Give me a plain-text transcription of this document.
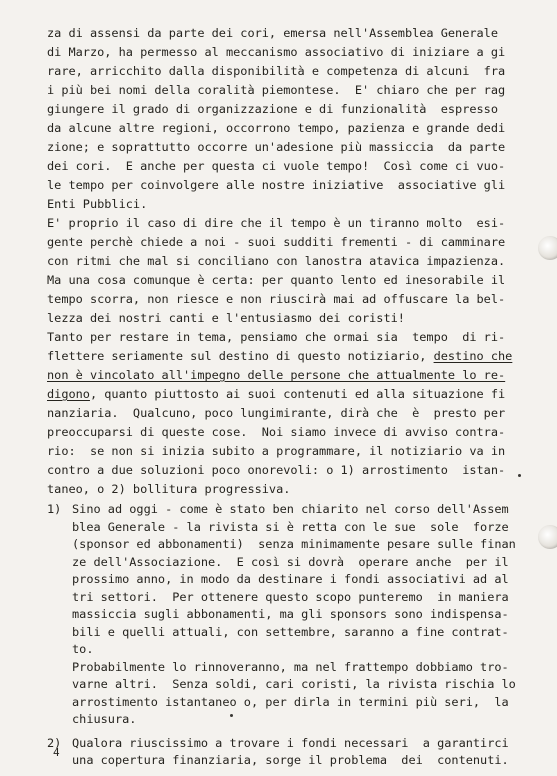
za di assensi da parte dei cori, emersa nell'Assemblea Generale
di Marzo, ha permesso al meccanismo associativo di iniziare a gi
rare, arricchito dalla disponibilità e competenza di alcuni  fra
i più bei nomi della coralità piemontese.  E' chiaro che per rag
giungere il grado di organizzazione e di funzionalità  espresso
da alcune altre regioni, occorrono tempo, pazienza e grande dedi
zione; e soprattutto occorre un'adesione più massiccia  da parte
dei cori.  E anche per questa ci vuole tempo!  Così come ci vuo-
le tempo per coinvolgere alle nostre iniziative  associative gli
Enti Pubblici.
E' proprio il caso di dire che il tempo è un tiranno molto  esi-
gente perchè chiede a noi - suoi sudditi frementi - di camminare
con ritmi che mal si conciliano con lanostra atavica impazienza.
Ma una cosa comunque è certa: per quanto lento ed inesorabile il
tempo scorra, non riesce e non riuscirà mai ad offuscare la bel-
lezza dei nostri canti e l'entusiasmo dei coristi!
Tanto per restare in tema, pensiamo che ormai sia  tempo  di ri-
flettere seriamente sul destino di questo notiziario, destino che
non è vincolato all'impegno delle persone che attualmente lo re-
digono, quanto piuttosto ai suoi contenuti ed alla situazione fi
nanziaria.  Qualcuno, poco lungimirante, dirà che  è  presto per
preoccuparsi di queste cose.  Noi siamo invece di avviso contra-
rio:  se non si inizia subito a programmare, il notiziario va in
contro a due soluzioni poco onorevoli: o 1) arrostimento  istan-
taneo, o 2) bollitura progressiva.
1) Sino ad oggi - come è stato ben chiarito nel corso dell'Assem
blea Generale - la rivista si è retta con le sue  sole  forze
(sponsor ed abbonamenti)  senza minimamente pesare sulle finan
ze dell'Associazione.  E così si dovrà  operare anche  per il
prossimo anno, in modo da destinare i fondi associativi ad al
tri settori.  Per ottenere questo scopo punteremo  in maniera
massiccia sugli abbonamenti, ma gli sponsors sono indispensa-
bili e quelli attuali, con settembre, saranno a fine contrat-
to.
Probabilmente lo rinnoveranno, ma nel frattempo dobbiamo tro-
varne altri.  Senza soldi, cari coristi, la rivista rischia lo
arrostimento istantaneo o, per dirla in termini più seri,  la
chiusura.
2) Qualora riuscissimo a trovare i fondi necessari  a garantirci
una copertura finanziaria, sorge il problema  dei  contenuti.
4
